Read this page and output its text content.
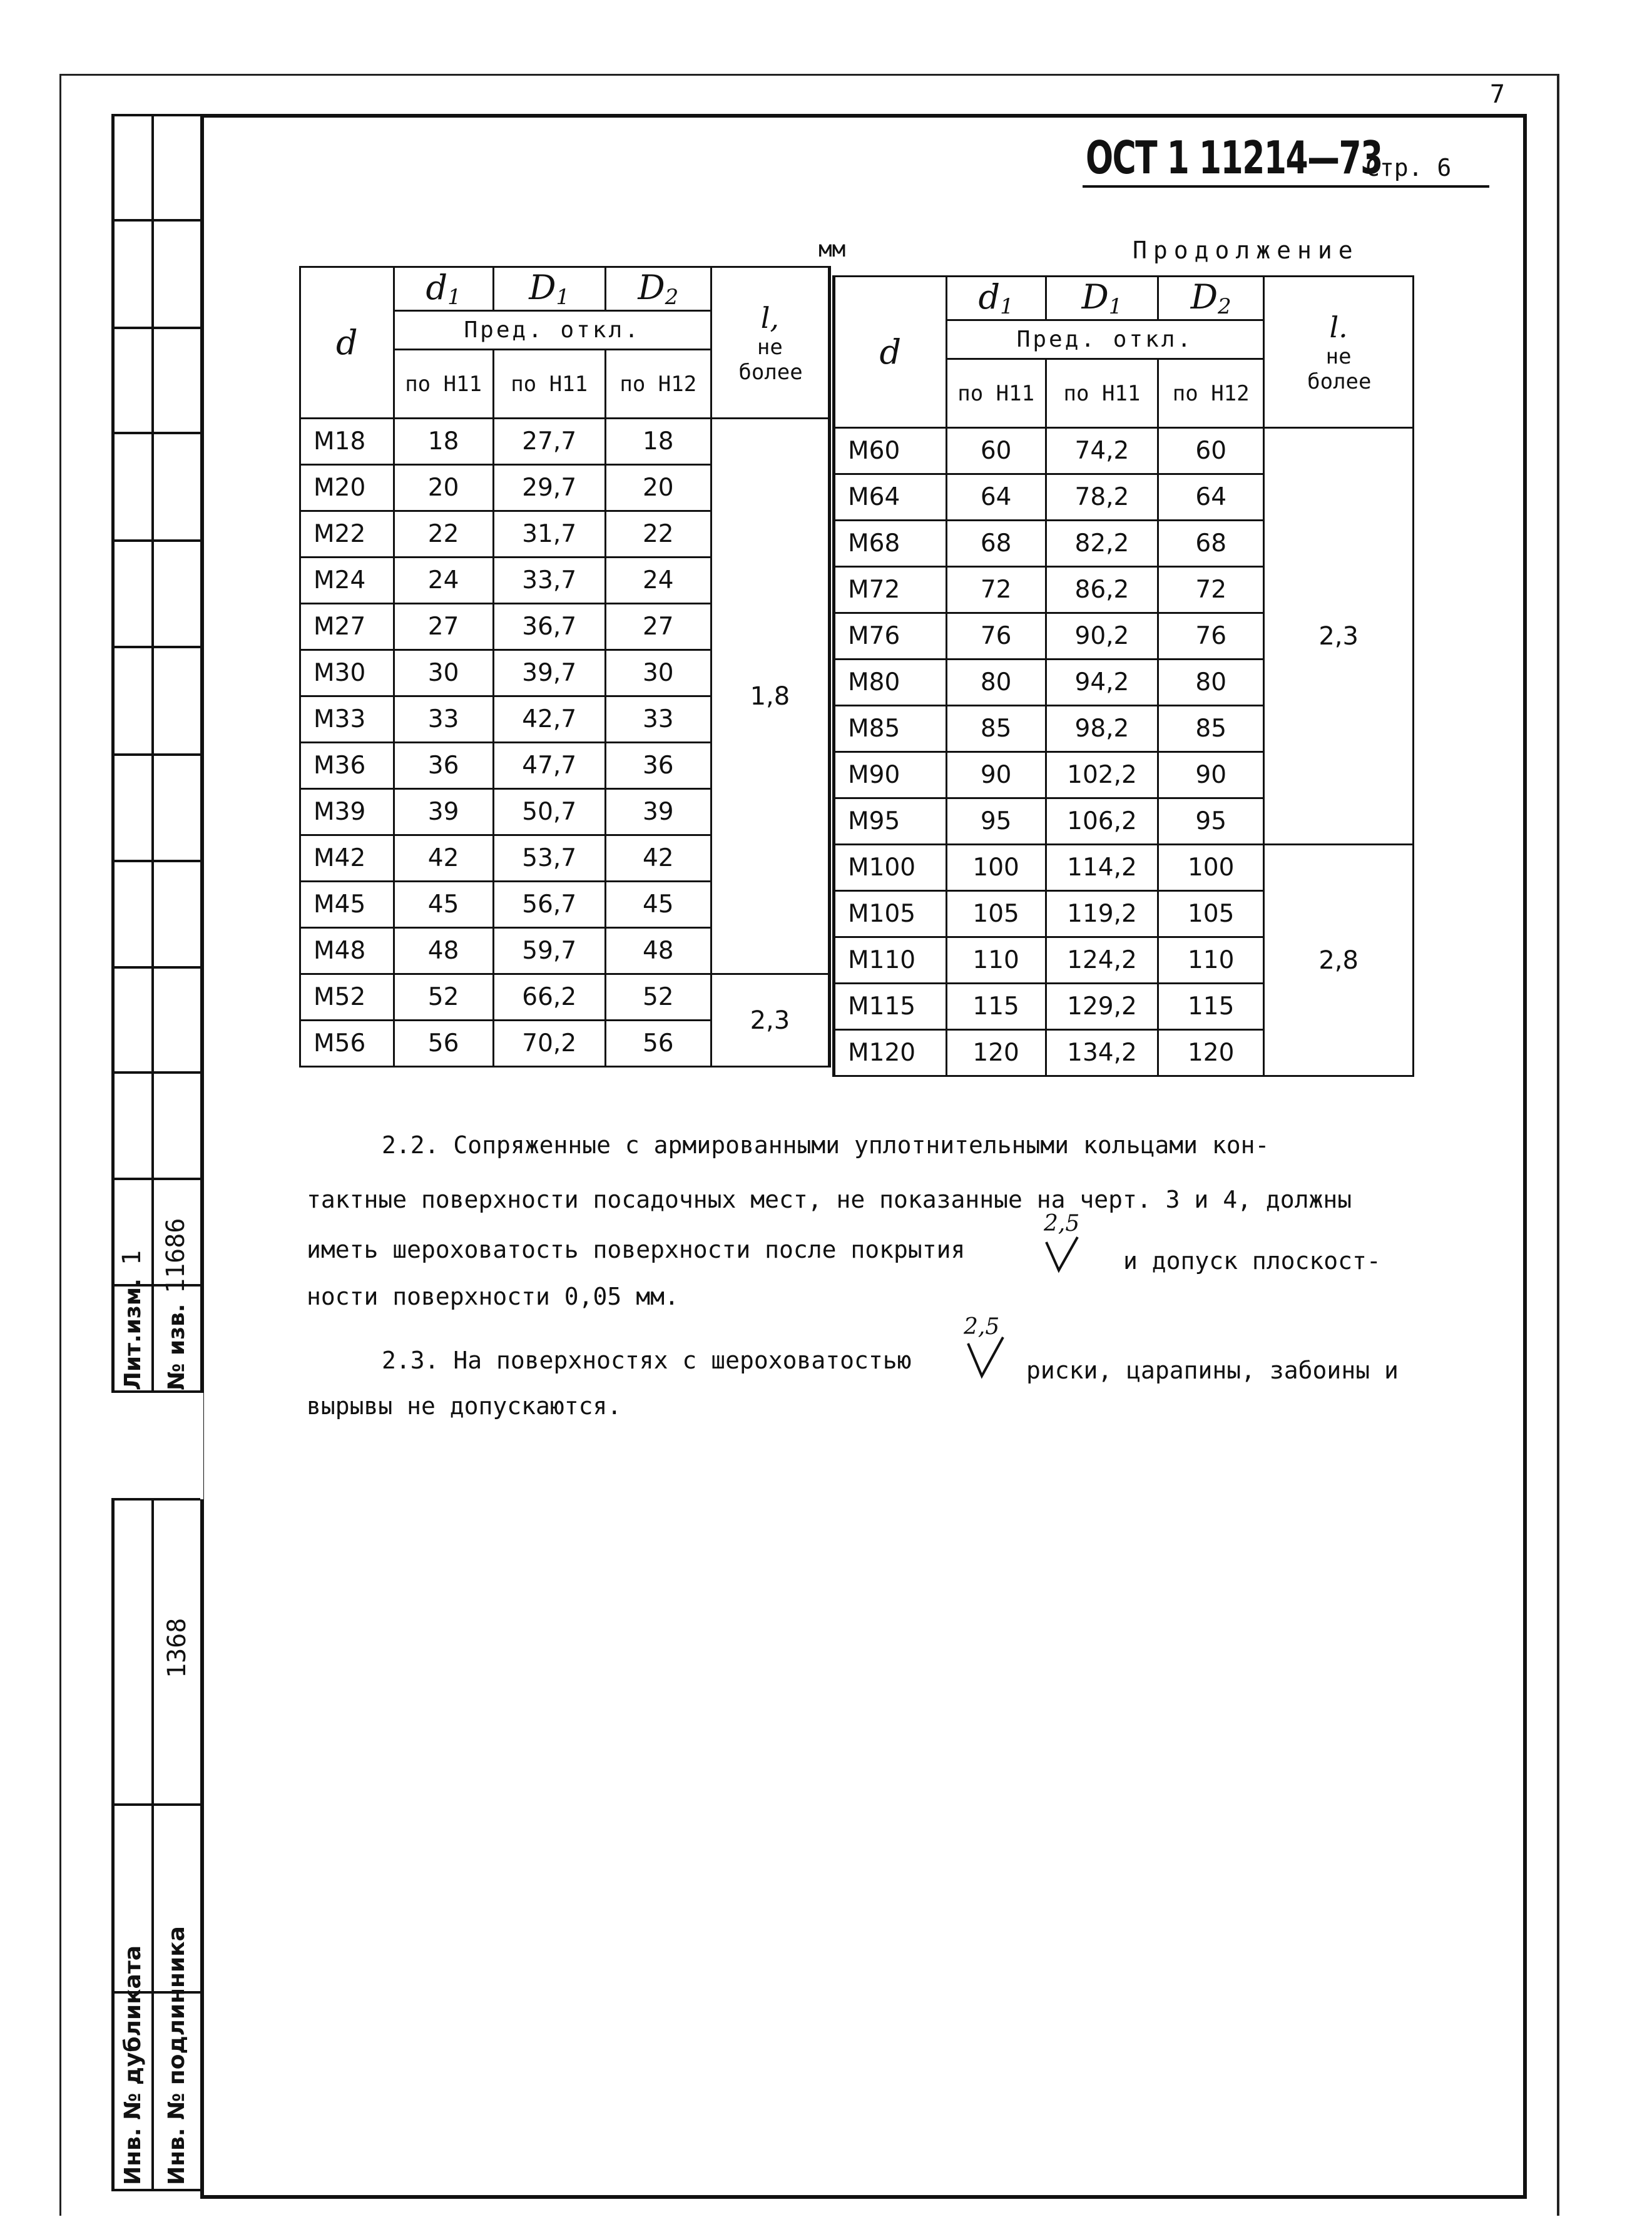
7
1 11686
Лит.изм. № изв.
1368
Инв. № дубликата Инв. № подлинника
ОСТ 1 11214—73
Стр. 6
мм	Продолжение
d	d1	D1	D2	l,
не более

	Пред. откл.			
	по Н11	по Н11	по Н12	
М18	18	27,7	18	1,8
М20	20	29,7	20	
М22	22	31,7	22	
М24	24	33,7	24	
М27	27	36,7	27	
М30	30	39,7	30	
М33	33	42,7	33	
М36	36	47,7	36	
М39	39	50,7	39	
М42	42	53,7	42	
М45	45	56,7	45	
М48	48	59,7	48	
М52	52	66,2	52	2,3
М56	56	70,2	56	
d	d1	D1	D2	l.
не более

	Пред. откл.			
	по Н11	по Н11	по Н12	
М60	60	74,2	60	2,3
М64	64	78,2	64	
М68	68	82,2	68	
М72	72	86,2	72	
М76	76	90,2	76	
М80	80	94,2	80	
М85	85	98,2	85	
М90	90	102,2	90	
М95	95	106,2	95	
М100	100	114,2	100	2,8
М105	105	119,2	105	
М110	110	124,2	110	
М115	115	129,2	115	
М120	120	134,2	120	
2.2. Сопряженные с армированными уплотнительными кольцами кон-
тактные поверхности посадочных мест, не показанные на черт. 3 и 4, должны
иметь шероховатость поверхности после покрытия
2,5
и допуск плоскост-
ности поверхности 0,05 мм.
2.3. На поверхностях с шероховатостью
2,5
риски, царапины, забоины и
вырывы не допускаются.
